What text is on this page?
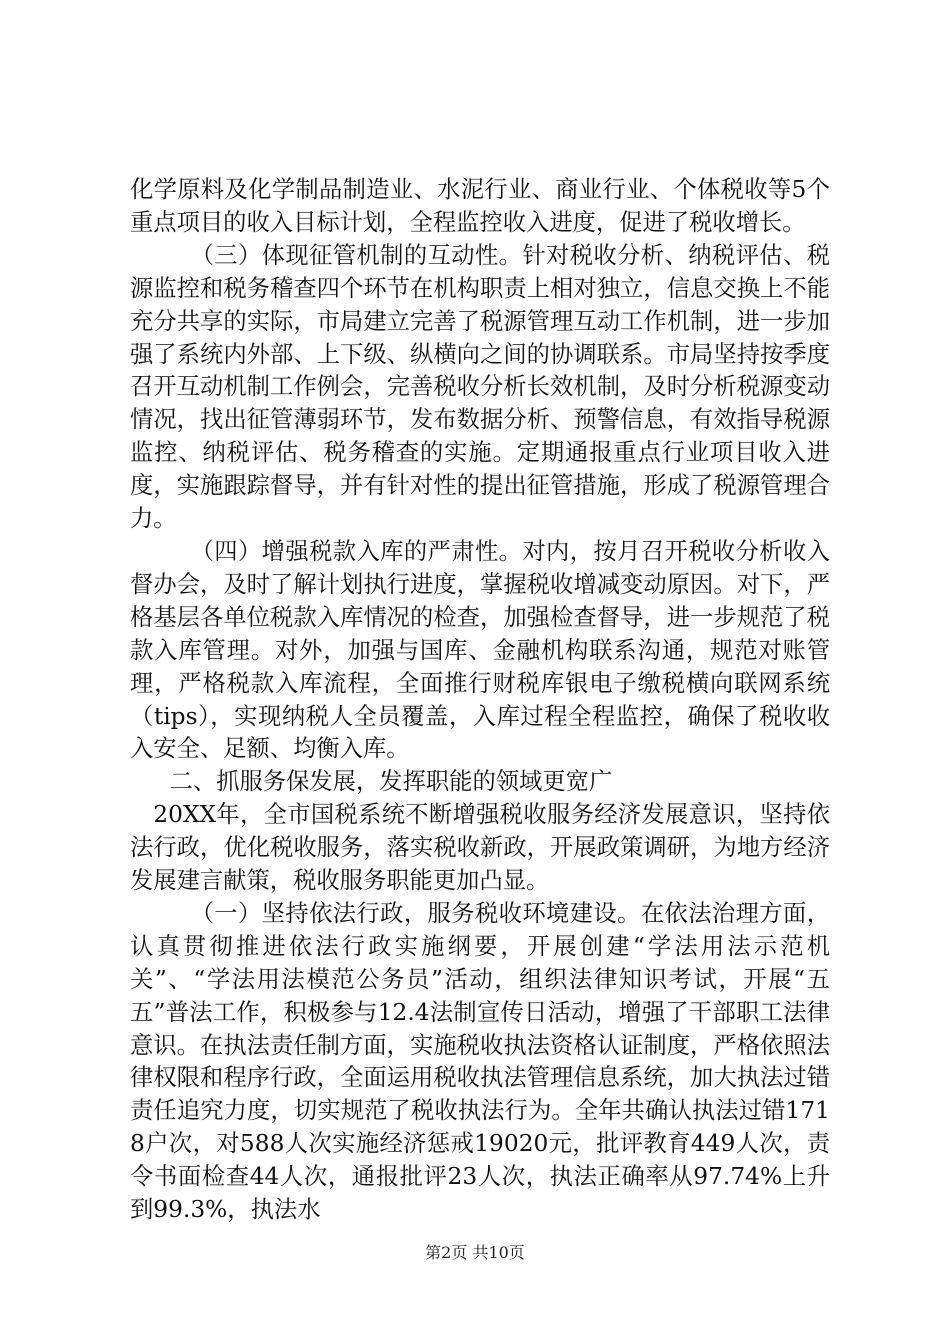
化学原料及化学制品制造业、水泥行业、商业行业、个体税收等5个重点项目的收入目标计划，全程监控收入进度，促进了税收增长。

（三）体现征管机制的互动性。针对税收分析、纳税评估、税源监控和税务稽查四个环节在机构职责上相对独立，信息交换上不能充分共享的实际，市局建立完善了税源管理互动工作机制，进一步加强了系统内外部、上下级、纵横向之间的协调联系。市局坚持按季度召开互动机制工作例会，完善税收分析长效机制，及时分析税源变动情况，找出征管薄弱环节，发布数据分析、预警信息，有效指导税源监控、纳税评估、税务稽查的实施。定期通报重点行业项目收入进度，实施跟踪督导，并有针对性的提出征管措施，形成了税源管理合力。

（四）增强税款入库的严肃性。对内，按月召开税收分析收入督办会，及时了解计划执行进度，掌握税收增减变动原因。对下，严格基层各单位税款入库情况的检查，加强检查督导，进一步规范了税款入库管理。对外，加强与国库、金融机构联系沟通，规范对账管理，严格税款入库流程，全面推行财税库银电子缴税横向联网系统（tips），实现纳税人全员覆盖，入库过程全程监控，确保了税收收入安全、足额、均衡入库。

二、抓服务保发展，发挥职能的领域更宽广

20XX年，全市国税系统不断增强税收服务经济发展意识，坚持依法行政，优化税收服务，落实税收新政，开展政策调研，为地方经济发展建言献策，税收服务职能更加凸显。

（一）坚持依法行政，服务税收环境建设。在依法治理方面，认真贯彻推进依法行政实施纲要，开展创建“学法用法示范机关”、“学法用法模范公务员”活动，组织法律知识考试，开展“五五”普法工作，积极参与12.4法制宣传日活动，增强了干部职工法律意识。在执法责任制方面，实施税收执法资格认证制度，严格依照法律权限和程序行政，全面运用税收执法管理信息系统，加大执法过错责任追究力度，切实规范了税收执法行为。全年共确认执法过错1718户次，对588人次实施经济惩戒19020元，批评教育449人次，责令书面检查44人次，通报批评23人次，执法正确率从97.74%上升到99.3%，执法水

第2页 共10页
